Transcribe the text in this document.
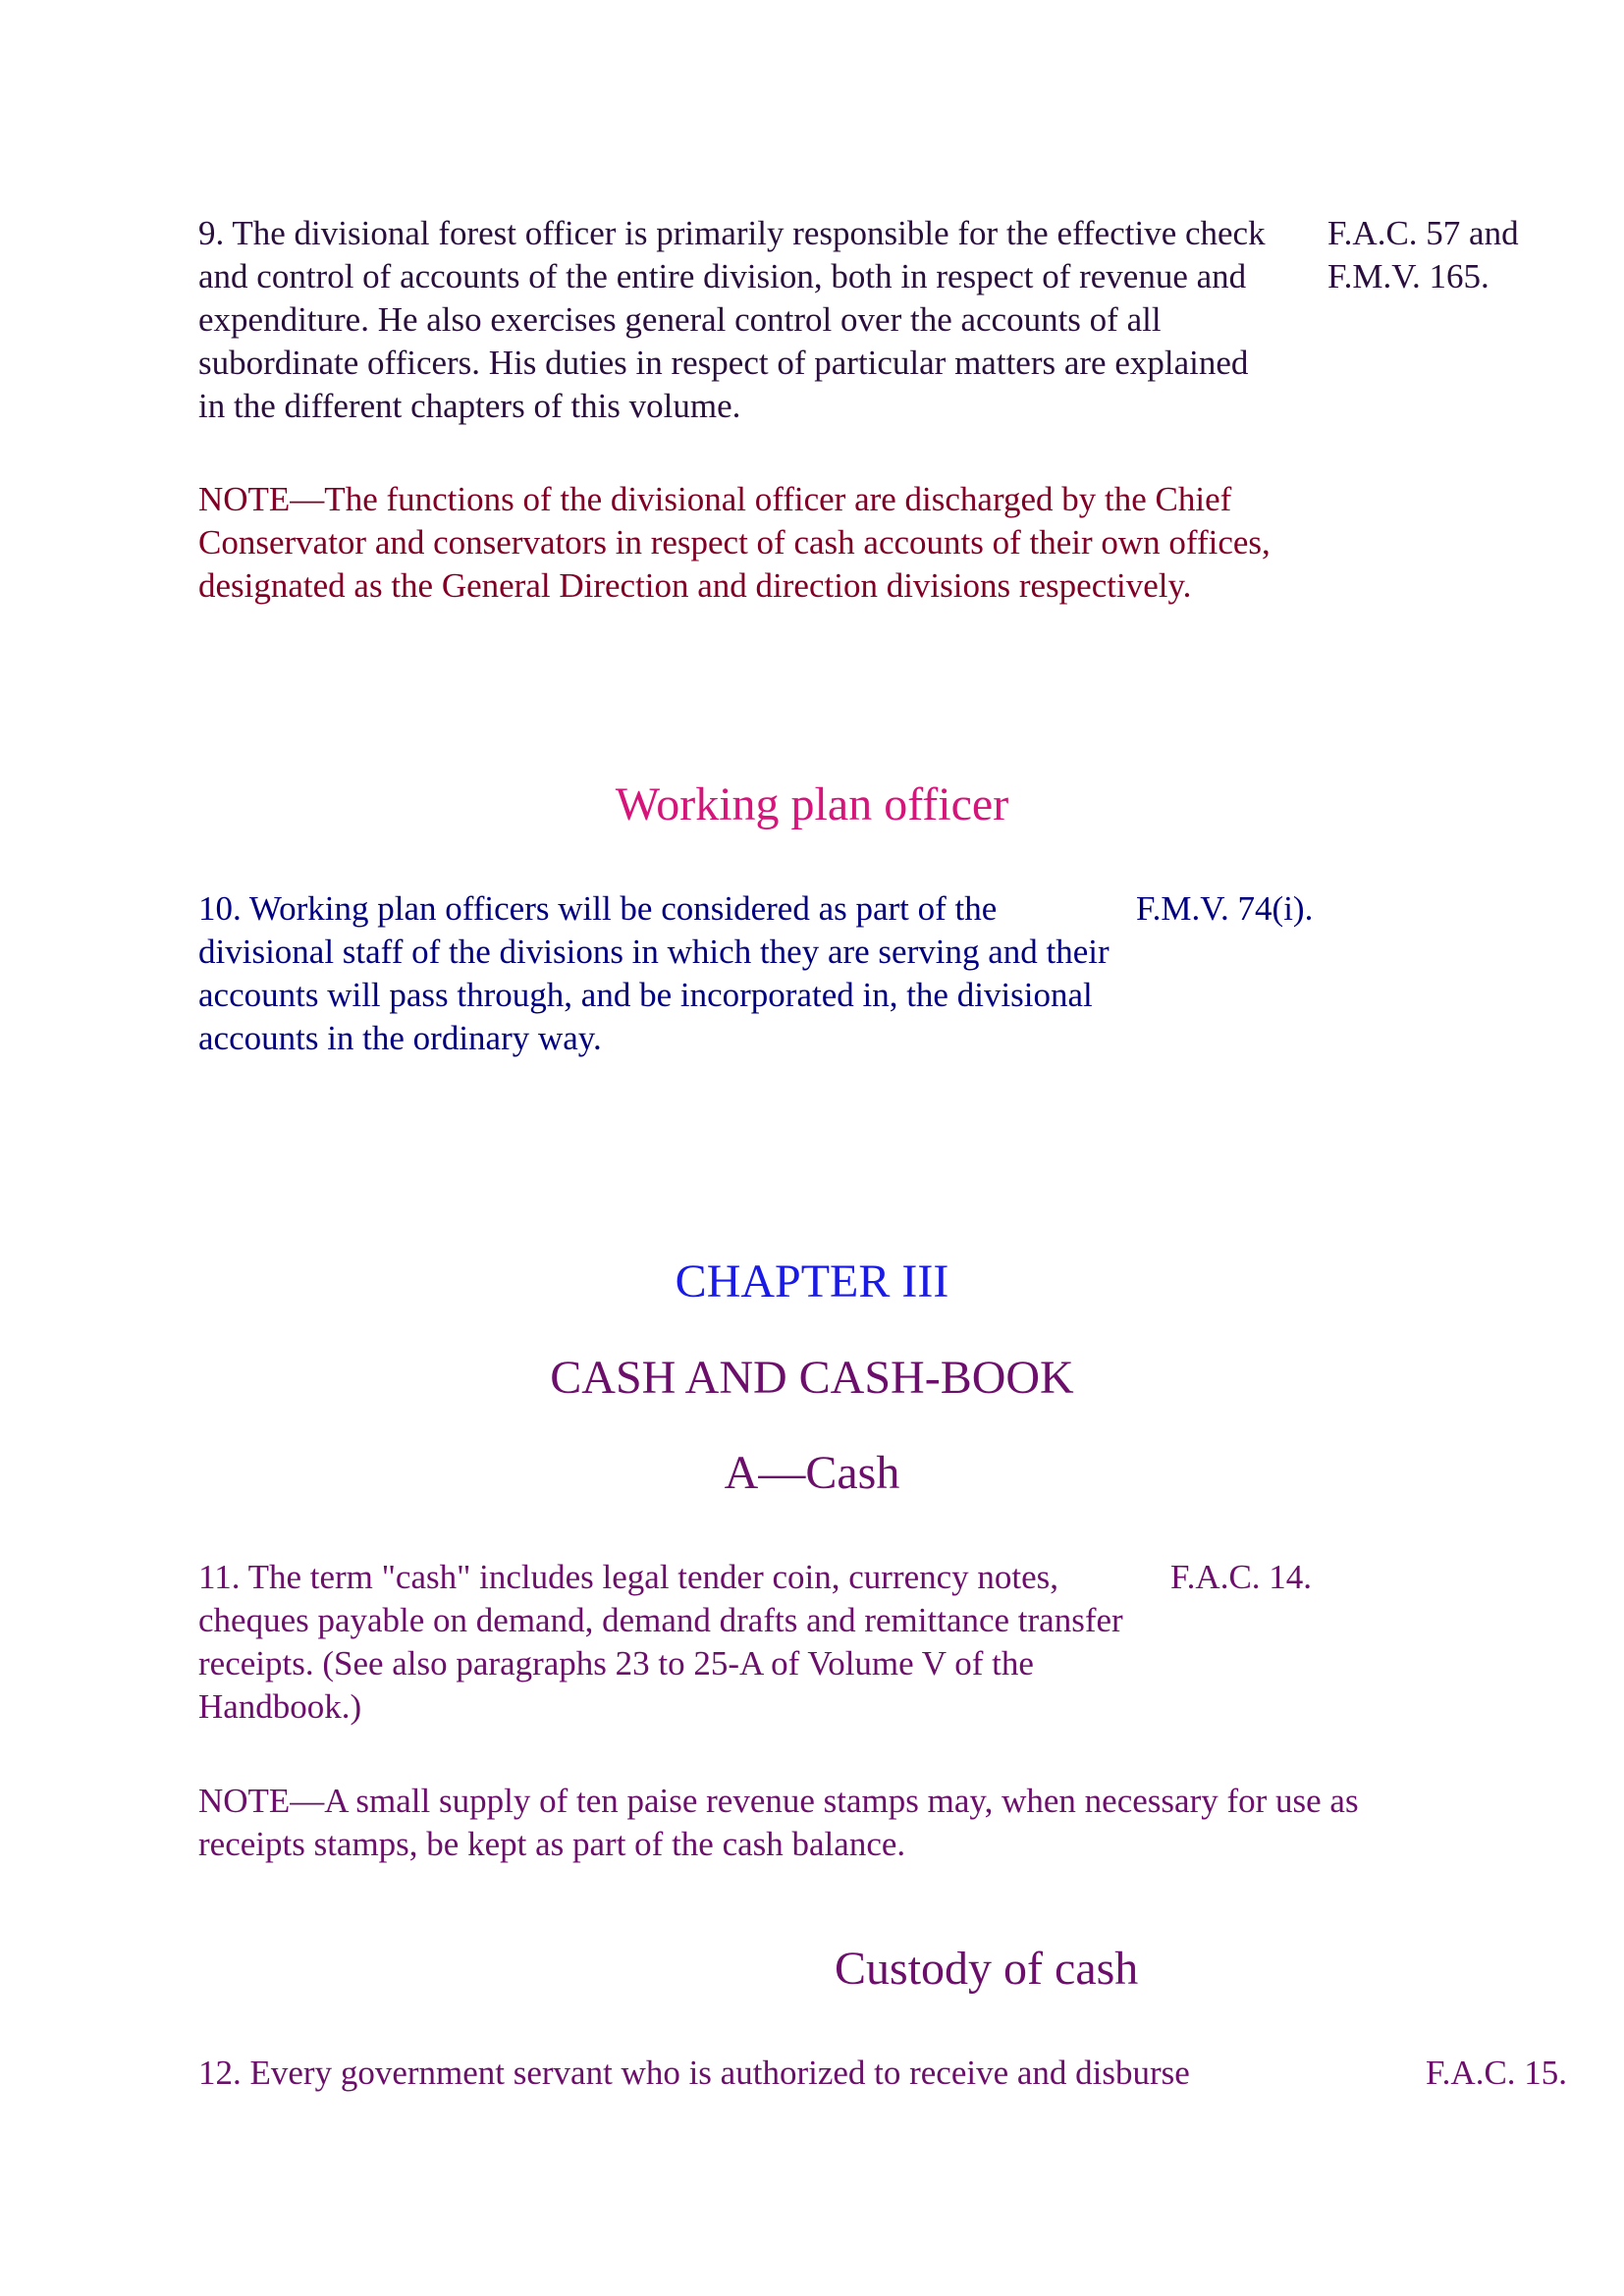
9. The divisional forest officer is primarily responsible for the effective check and control of accounts of the entire division, both in respect of revenue and expenditure. He also exercises general control over the accounts of all subordinate officers. His duties in respect of particular matters are explained in the different chapters of this volume.

F.A.C. 57 and F.M.V. 165.

NOTE—The functions of the divisional officer are discharged by the Chief Conservator and conservators in respect of cash accounts of their own offices, designated as the General Direction and direction divisions respectively.

Working plan officer

10. Working plan officers will be considered as part of the divisional staff of the divisions in which they are serving and their accounts will pass through, and be incorporated in, the divisional accounts in the ordinary way.

F.M.V. 74(i).

CHAPTER III
CASH AND CASH-BOOK
A—Cash

11. The term "cash" includes legal tender coin, currency notes, cheques payable on demand, demand drafts and remittance transfer receipts. (See also paragraphs 23 to 25-A of Volume V of the Handbook.)

F.A.C. 14.

NOTE—A small supply of ten paise revenue stamps may, when necessary for use as receipts stamps, be kept as part of the cash balance.

Custody of cash

12. Every government servant who is authorized to receive and disburse	F.A.C. 15.
